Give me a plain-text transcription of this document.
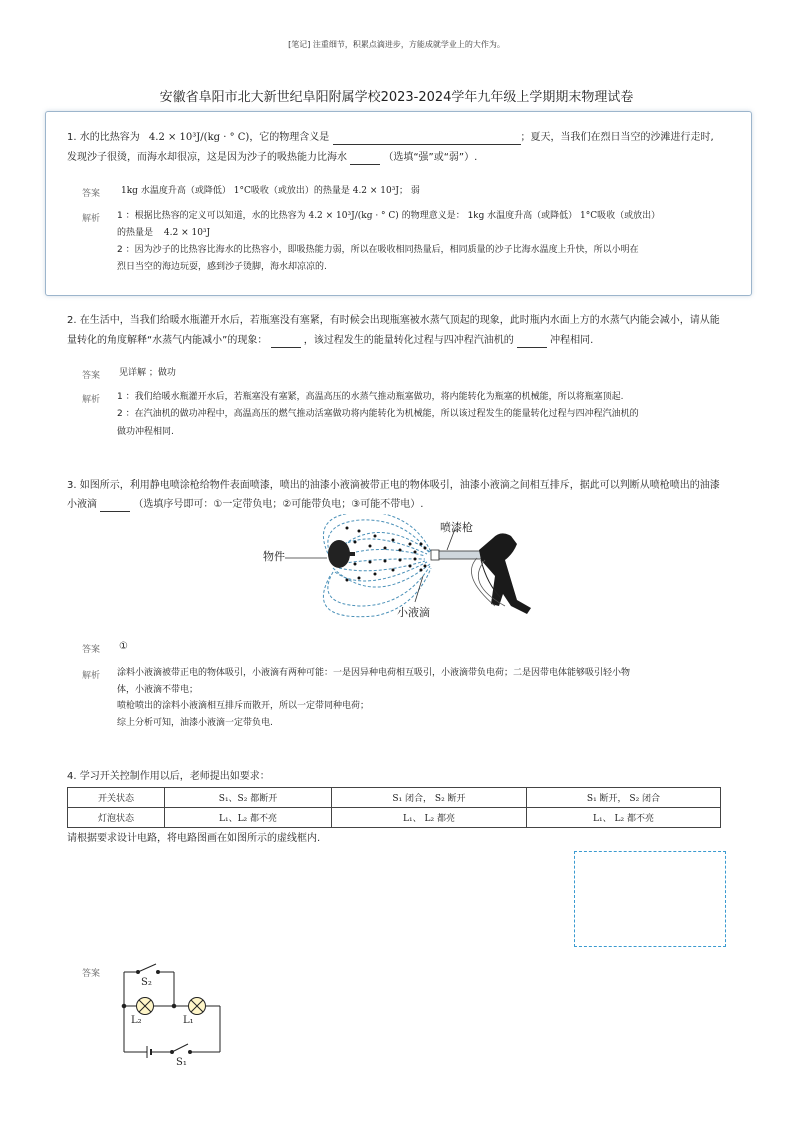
[笔记] 注重细节，积累点滴进步，方能成就学业上的大作为。
安徽省阜阳市北大新世纪阜阳附属学校2023-2024学年九年级上学期期末物理试卷
1. 水的比热容为 4.2 × 10³J/(kg · ° C)，它的物理含义是	；夏天，当我们在烈日当空的沙滩进行走时,
发现沙子很烫，而海水却很凉，这是因为沙子的吸热能力比海水	（选填“强”或“弱”）.
答案 1kg 水温度升高（或降低） 1°C吸收（或放出）的热量是 4.2 × 10³J； 弱
解析 1 ：根据比热容的定义可以知道，水的比热容为 4.2 × 10³J/(kg · ° C) 的物理意义是： 1kg 水温度升高（或降低） 1°C吸收（或放出）
的热量是 4.2 × 10³J
2 ：因为沙子的比热容比海水的比热容小，即吸热能力弱，所以在吸收相同热量后，相同质量的沙子比海水温度上升快，所以小明在
烈日当空的海边玩耍，感到沙子烫脚，海水却凉凉的.
2. 在生活中，当我们给暖水瓶灌开水后，若瓶塞没有塞紧，有时候会出现瓶塞被水蒸气顶起的现象，此时瓶内水面上方的水蒸气内能会减小，请从能
量转化的角度解释“水蒸气内能减小”的现象：	，该过程发生的能量转化过程与四冲程汽油机的	冲程相同.
答案 见详解 ；做功
解析 1 ：我们给暖水瓶灌开水后，若瓶塞没有塞紧，高温高压的水蒸气推动瓶塞做功，将内能转化为瓶塞的机械能，所以将瓶塞顶起.
2 ：在汽油机的做功冲程中，高温高压的燃气推动活塞做功将内能转化为机械能，所以该过程发生的能量转化过程与四冲程汽油机的
做功冲程相同.
3. 如图所示，利用静电喷涂枪给物件表面喷漆，喷出的油漆小液滴被带正电的物体吸引，油漆小液滴之间相互排斥，据此可以判断从喷枪喷出的油漆
小液滴	（选填序号即可：①一定带负电；②可能带负电；③可能不带电）.
物件
喷漆枪
小液滴
答案 ①
解析 涂料小液滴被带正电的物体吸引，小液滴有两种可能：一是因异种电荷相互吸引，小液滴带负电荷；二是因带电体能够吸引轻小物
体，小液滴不带电；
喷枪喷出的涂料小液滴相互排斥而散开，所以一定带同种电荷；
综上分析可知，油漆小液滴一定带负电.
4. 学习开关控制作用以后，老师提出如要求：
开关状态	S₁、S₂ 都断开	S₁ 闭合， S₂ 断开	S₁ 断开， S₂ 闭合
灯泡状态	L₁、L₂ 都不亮	L₁、 L₂ 都亮	L₁、 L₂ 都不亮
请根据要求设计电路，将电路图画在如图所示的虚线框内.
答案
S₂
L₂	L₁
S₁
